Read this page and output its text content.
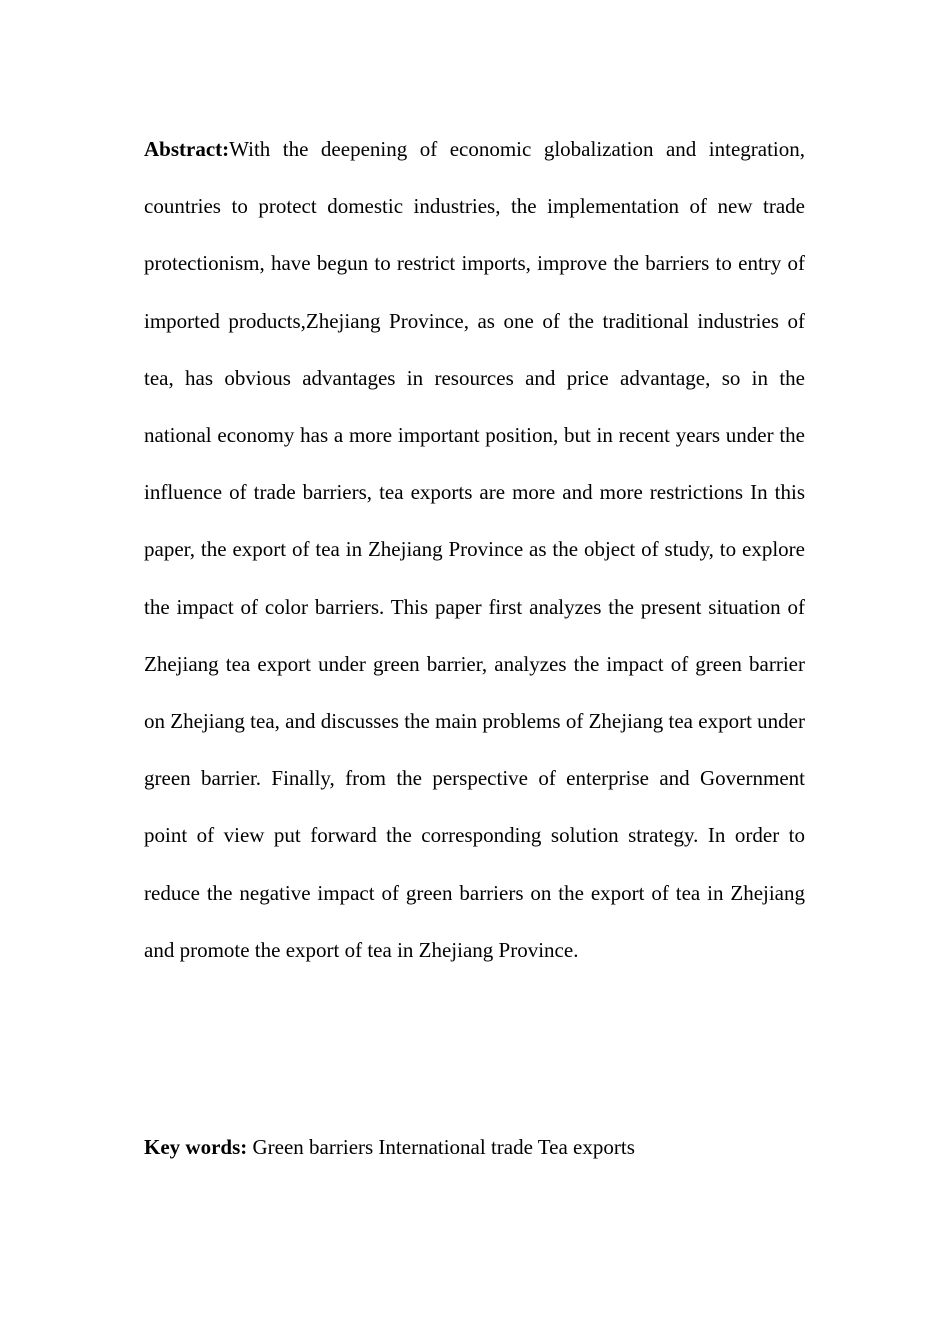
Abstract:With the deepening of economic globalization and integration, countries to protect domestic industries, the implementation of new trade protectionism, have begun to restrict imports, improve the barriers to entry of imported products,Zhejiang Province, as one of the traditional industries of tea, has obvious advantages in resources and price advantage, so in the national economy has a more important position, but in recent years under the influence of trade barriers, tea exports are more and more restrictions In this paper, the export of tea in Zhejiang Province as the object of study, to explore the impact of color barriers. This paper first analyzes the present situation of Zhejiang tea export under green barrier, analyzes the impact of green barrier on Zhejiang tea, and discusses the main problems of Zhejiang tea export under green barrier. Finally, from the perspective of enterprise and Government point of view put forward the corresponding solution strategy. In order to reduce the negative impact of green barriers on the export of tea in Zhejiang and promote the export of tea in Zhejiang Province.

Key words: Green barriers International trade Tea exports
